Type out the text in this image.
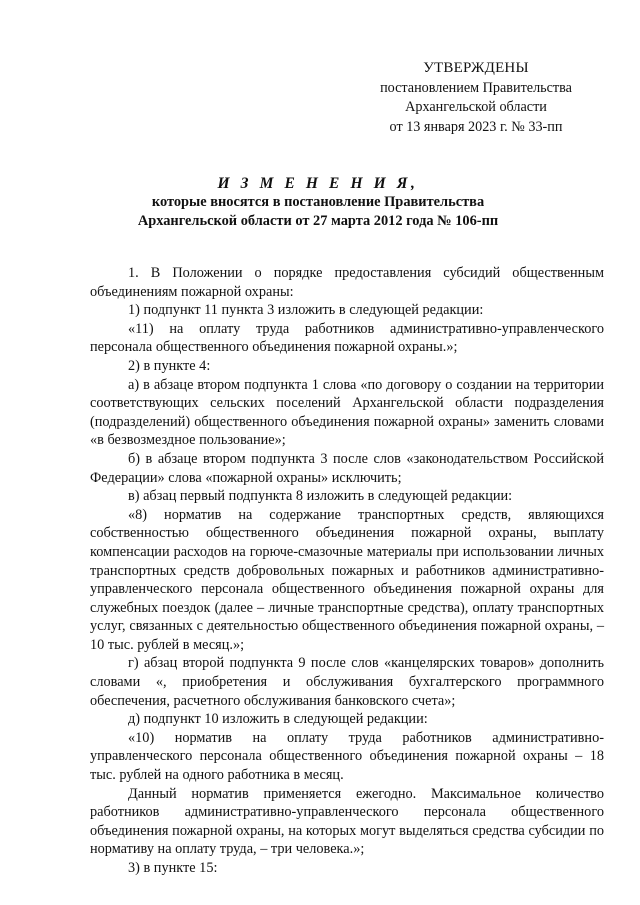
УТВЕРЖДЕНЫ
постановлением Правительства
Архангельской области
от 13 января 2023 г. № 33-пп
И З М Е Н Е Н И Я,
которые вносятся в постановление Правительства
Архангельской области от 27 марта 2012 года № 106-пп

1. В Положении о порядке предоставления субсидий общественным объединениям пожарной охраны:

1) подпункт 11 пункта 3 изложить в следующей редакции:

«11) на оплату труда работников административно-управленческого персонала общественного объединения пожарной охраны.»;

2) в пункте 4:

а) в абзаце втором подпункта 1 слова «по договору о создании на территории соответствующих сельских поселений Архангельской области подразделения (подразделений) общественного объединения пожарной охраны» заменить словами «в безвозмездное пользование»;

б) в абзаце втором подпункта 3 после слов «законодательством Российской Федерации» слова «пожарной охраны» исключить;

в) абзац первый подпункта 8 изложить в следующей редакции:

«8) норматив на содержание транспортных средств, являющихся собственностью общественного объединения пожарной охраны, выплату компенсации расходов на горюче-смазочные материалы при использовании личных транспортных средств добровольных пожарных и работников административно-управленческого персонала общественного объединения пожарной охраны для служебных поездок (далее – личные транспортные средства), оплату транспортных услуг, связанных с деятельностью общественного объединения пожарной охраны, – 10 тыс. рублей в месяц.»;

г) абзац второй подпункта 9 после слов «канцелярских товаров» дополнить словами «, приобретения и обслуживания бухгалтерского программного обеспечения, расчетного обслуживания банковского счета»;

д) подпункт 10 изложить в следующей редакции:

«10) норматив на оплату труда работников административно-управленческого персонала общественного объединения пожарной охраны – 18 тыс. рублей на одного работника в месяц.

Данный норматив применяется ежегодно. Максимальное количество работников административно-управленческого персонала общественного объединения пожарной охраны, на которых могут выделяться средства субсидии по нормативу на оплату труда, – три человека.»;

3) в пункте 15:
